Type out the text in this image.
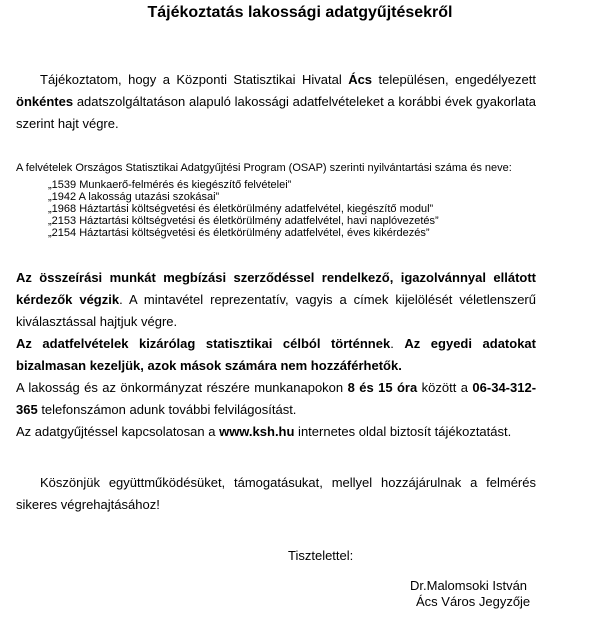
Tájékoztatás lakossági adatgyűjtésekről
Tájékoztatom, hogy a Központi Statisztikai Hivatal Ács településen, engedélyezett önkéntes adatszolgáltatáson alapuló lakossági adatfelvételeket a korábbi évek gyakorlata szerint hajt végre.
A felvételek Országos Statisztikai Adatgyűjtési Program (OSAP) szerinti nyilvántartási száma és neve:
„1539 Munkaerő-felmérés és kiegészítő felvételei”
„1942 A lakosság utazási szokásai”
„1968 Háztartási költségvetési és életkörülmény adatfelvétel, kiegészítő modul”
„2153 Háztartási költségvetési és életkörülmény adatfelvétel, havi naplóvezetés”
„2154 Háztartási költségvetési és életkörülmény adatfelvétel, éves kikérdezés”

Az összeírási munkát megbízási szerződéssel rendelkező, igazolvánnyal ellátott kérdezők végzik. A mintavétel reprezentatív, vagyis a címek kijelölését véletlenszerű kiválasztással hajtjuk végre.

Az adatfelvételek kizárólag statisztikai célból történnek. Az egyedi adatokat bizalmasan kezeljük, azok mások számára nem hozzáférhetők.

A lakosság és az önkormányzat részére munkanapokon 8 és 15 óra között a 06-34-312-365 telefonszámon adunk további felvilágosítást.

Az adatgyűjtéssel kapcsolatosan a www.ksh.hu internetes oldal biztosít tájékoztatást.

Köszönjük együttműködésüket, támogatásukat, mellyel hozzájárulnak a felmérés sikeres végrehajtásához!
Tisztelettel:
Dr.Malomsoki István
Ács Város Jegyzője
